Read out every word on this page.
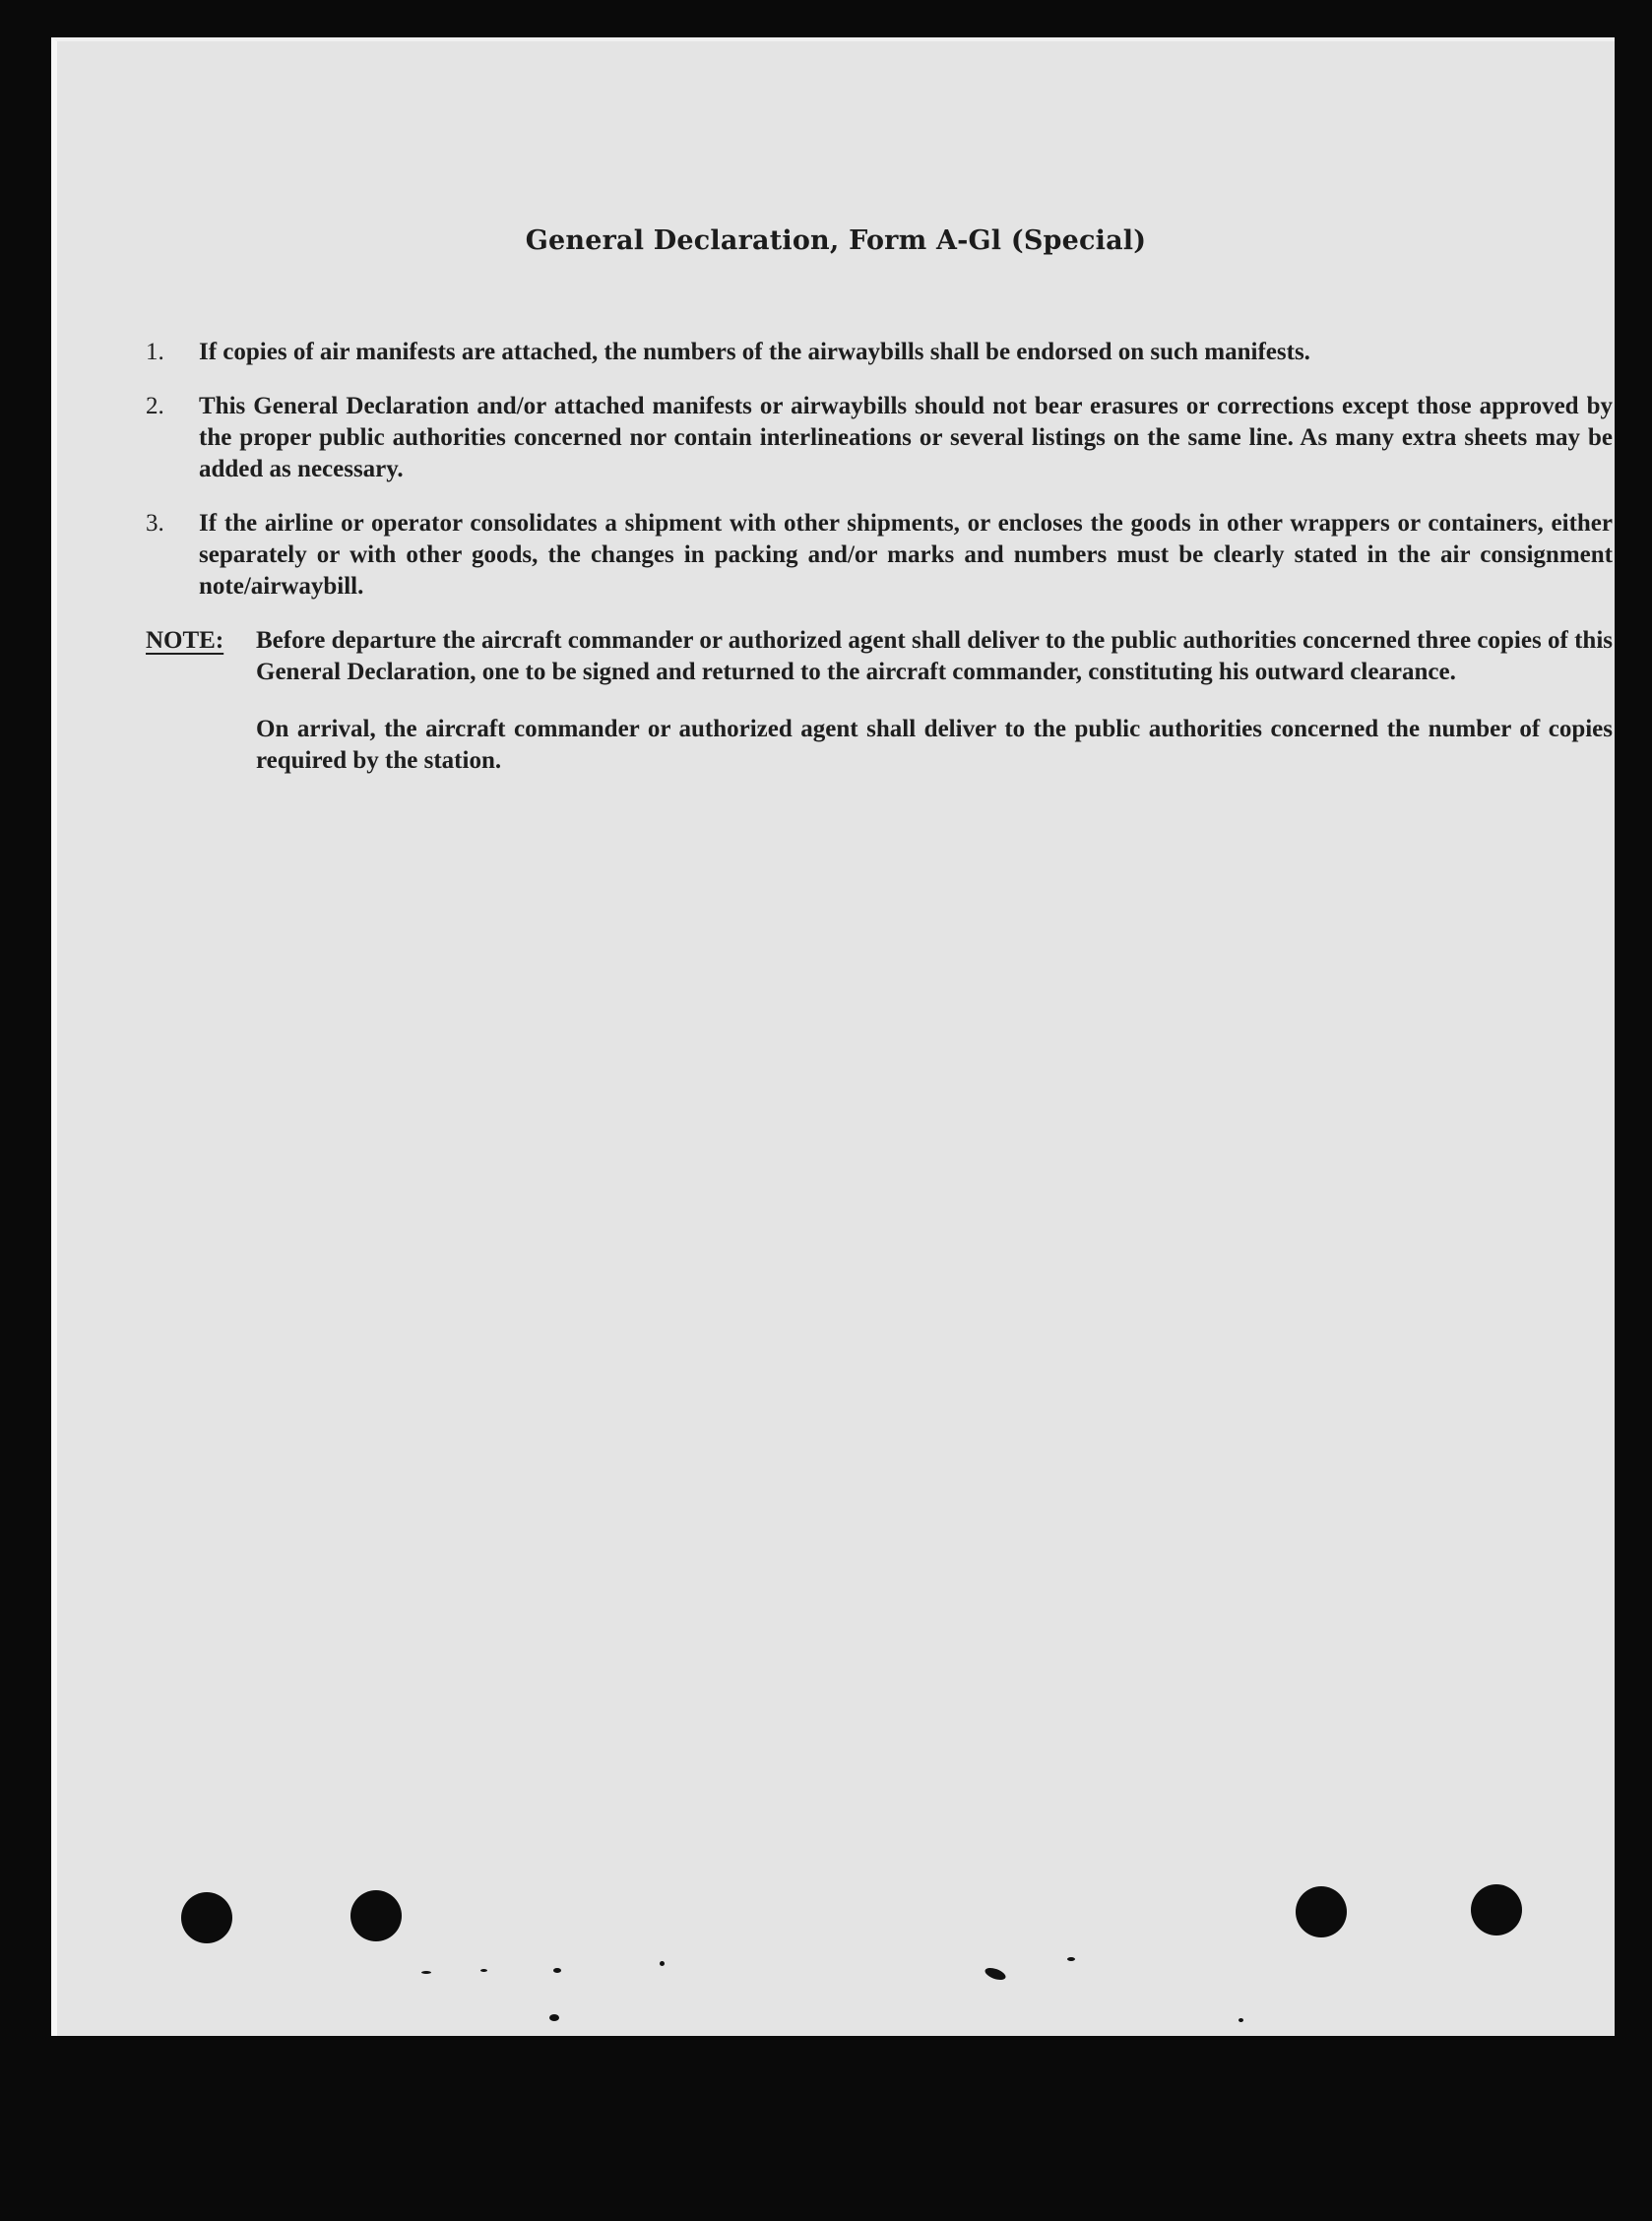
General Declaration, Form A-Gl (Special)
1.	If copies of air manifests are attached, the numbers of the airwaybills shall be endorsed on such manifests.
2.	This General Declaration and/or attached manifests or airwaybills should not bear erasures or corrections except those approved by the proper public authorities concerned nor contain interlineations or several listings on the same line. As many extra sheets may be added as necessary.
3.	If the airline or operator consolidates a shipment with other shipments, or encloses the goods in other wrappers or containers, either separately or with other goods, the changes in packing and/or marks and numbers must be clearly stated in the air consignment note/airwaybill.
NOTE:	Before departure the aircraft commander or authorized agent shall deliver to the public authorities concerned three copies of this General Declaration, one to be signed and returned to the aircraft commander, constituting his outward clearance.
On arrival, the aircraft commander or authorized agent shall deliver to the public authorities concerned the number of copies required by the station.
